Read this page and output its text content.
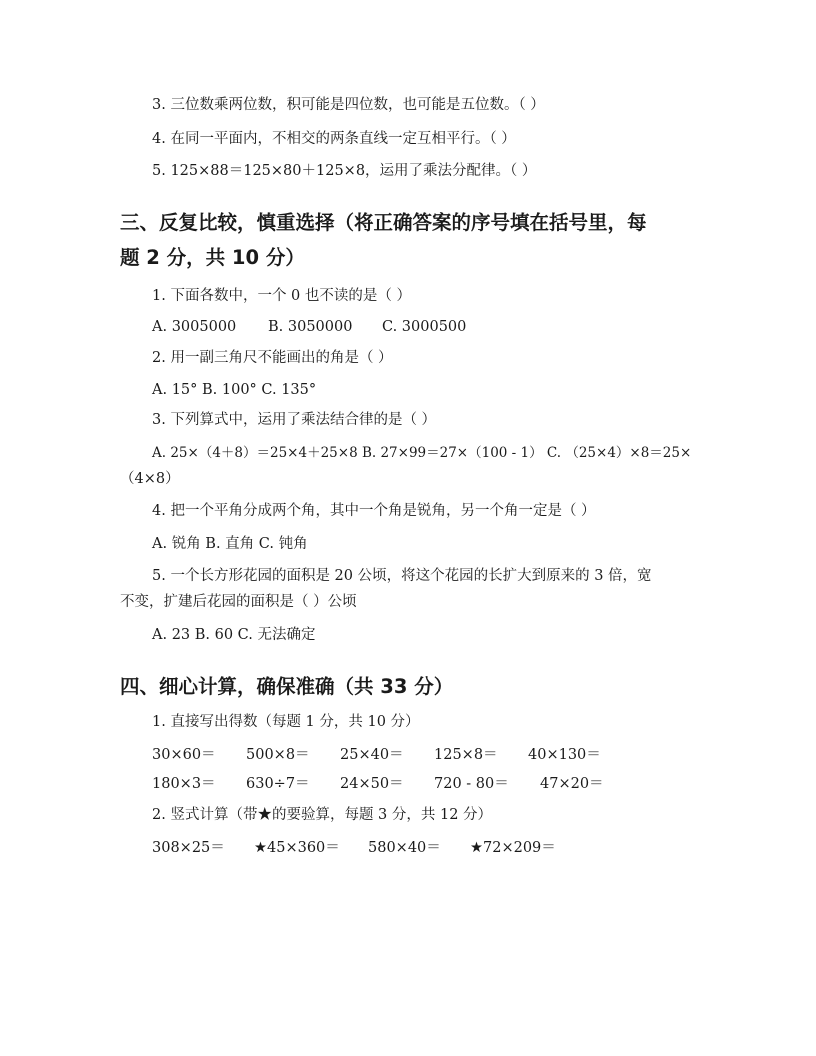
3. 三位数乘两位数，积可能是四位数，也可能是五位数。（ ）
4. 在同一平面内，不相交的两条直线一定互相平行。（ ）
5. 125×88＝125×80＋125×8，运用了乘法分配律。（ ）
三、反复比较，慎重选择（将正确答案的序号填在括号里，每
题 2 分，共 10 分）
1. 下面各数中，一个 0 也不读的是（ ）
A. 3005000 B. 3050000 C. 3000500
2. 用一副三角尺不能画出的角是（ ）
A. 15° B. 100° C. 135°
3. 下列算式中，运用了乘法结合律的是（ ）
A. 25×（4＋8）＝25×4＋25×8 B. 27×99＝27×（100 - 1） C. （25×4）×8＝25×
（4×8）
4. 把一个平角分成两个角，其中一个角是锐角，另一个角一定是（ ）
A. 锐角 B. 直角 C. 钝角
5. 一个长方形花园的面积是 20 公顷，将这个花园的长扩大到原来的 3 倍，宽
不变，扩建后花园的面积是（ ）公顷
A. 23 B. 60 C. 无法确定
四、细心计算，确保准确（共 33 分）
1. 直接写出得数（每题 1 分，共 10 分）
30×60＝ 500×8＝ 25×40＝ 125×8＝ 40×130＝
180×3＝ 630÷7＝ 24×50＝ 720 - 80＝ 47×20＝
2. 竖式计算（带★的要验算，每题 3 分，共 12 分）
308×25＝ ★45×360＝ 580×40＝ ★72×209＝
